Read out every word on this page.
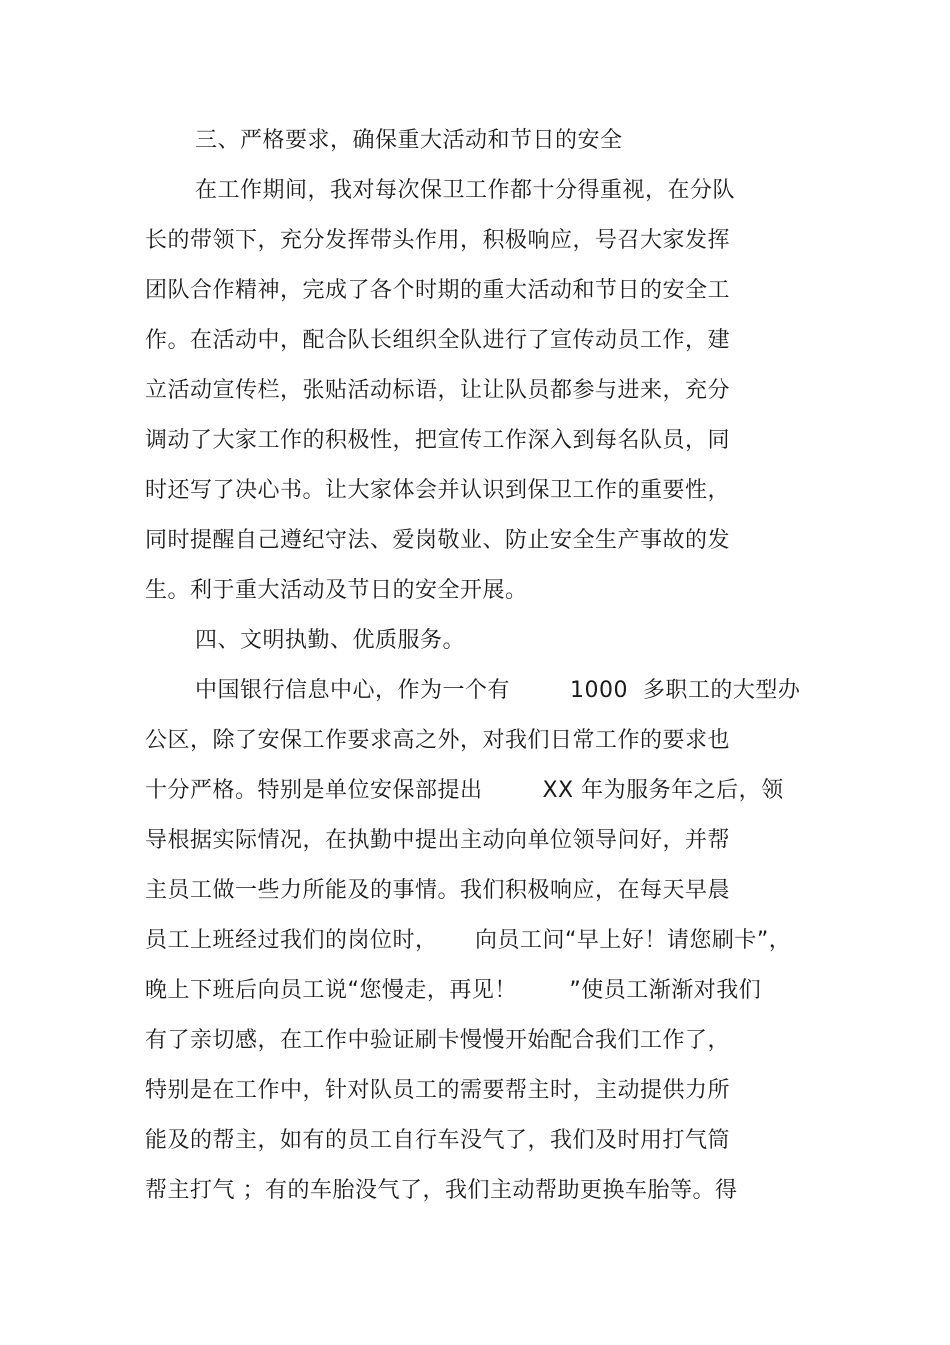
三、严格要求，确保重大活动和节日的安全
在工作期间，我对每次保卫工作都十分得重视，在分队
长的带领下，充分发挥带头作用，积极响应，号召大家发挥
团队合作精神，完成了各个时期的重大活动和节日的安全工
作。在活动中，配合队长组织全队进行了宣传动员工作，建
立活动宣传栏，张贴活动标语，让让队员都参与进来，充分
调动了大家工作的积极性，把宣传工作深入到每名队员，同
时还写了决心书。让大家体会并认识到保卫工作的重要性，
同时提醒自己遵纪守法、爱岗敬业、防止安全生产事故的发
生。利于重大活动及节日的安全开展。
四、文明执勤、优质服务。
中国银行信息中心，作为一个有        1000  多职工的大型办
公区，除了安保工作要求高之外，对我们日常工作的要求也
十分严格。特别是单位安保部提出        XX 年为服务年之后，领
导根据实际情况，在执勤中提出主动向单位领导问好，并帮
主员工做一些力所能及的事情。我们积极响应，在每天早晨
员工上班经过我们的岗位时，     向员工问“早上好！请您刷卡”，
晚上下班后向员工说“您慢走，再见！       ”使员工渐渐对我们
有了亲切感，在工作中验证刷卡慢慢开始配合我们工作了，
特别是在工作中，针对队员工的需要帮主时，主动提供力所
能及的帮主，如有的员工自行车没气了，我们及时用打气筒
帮主打气 ；有的车胎没气了，我们主动帮助更换车胎等。得
